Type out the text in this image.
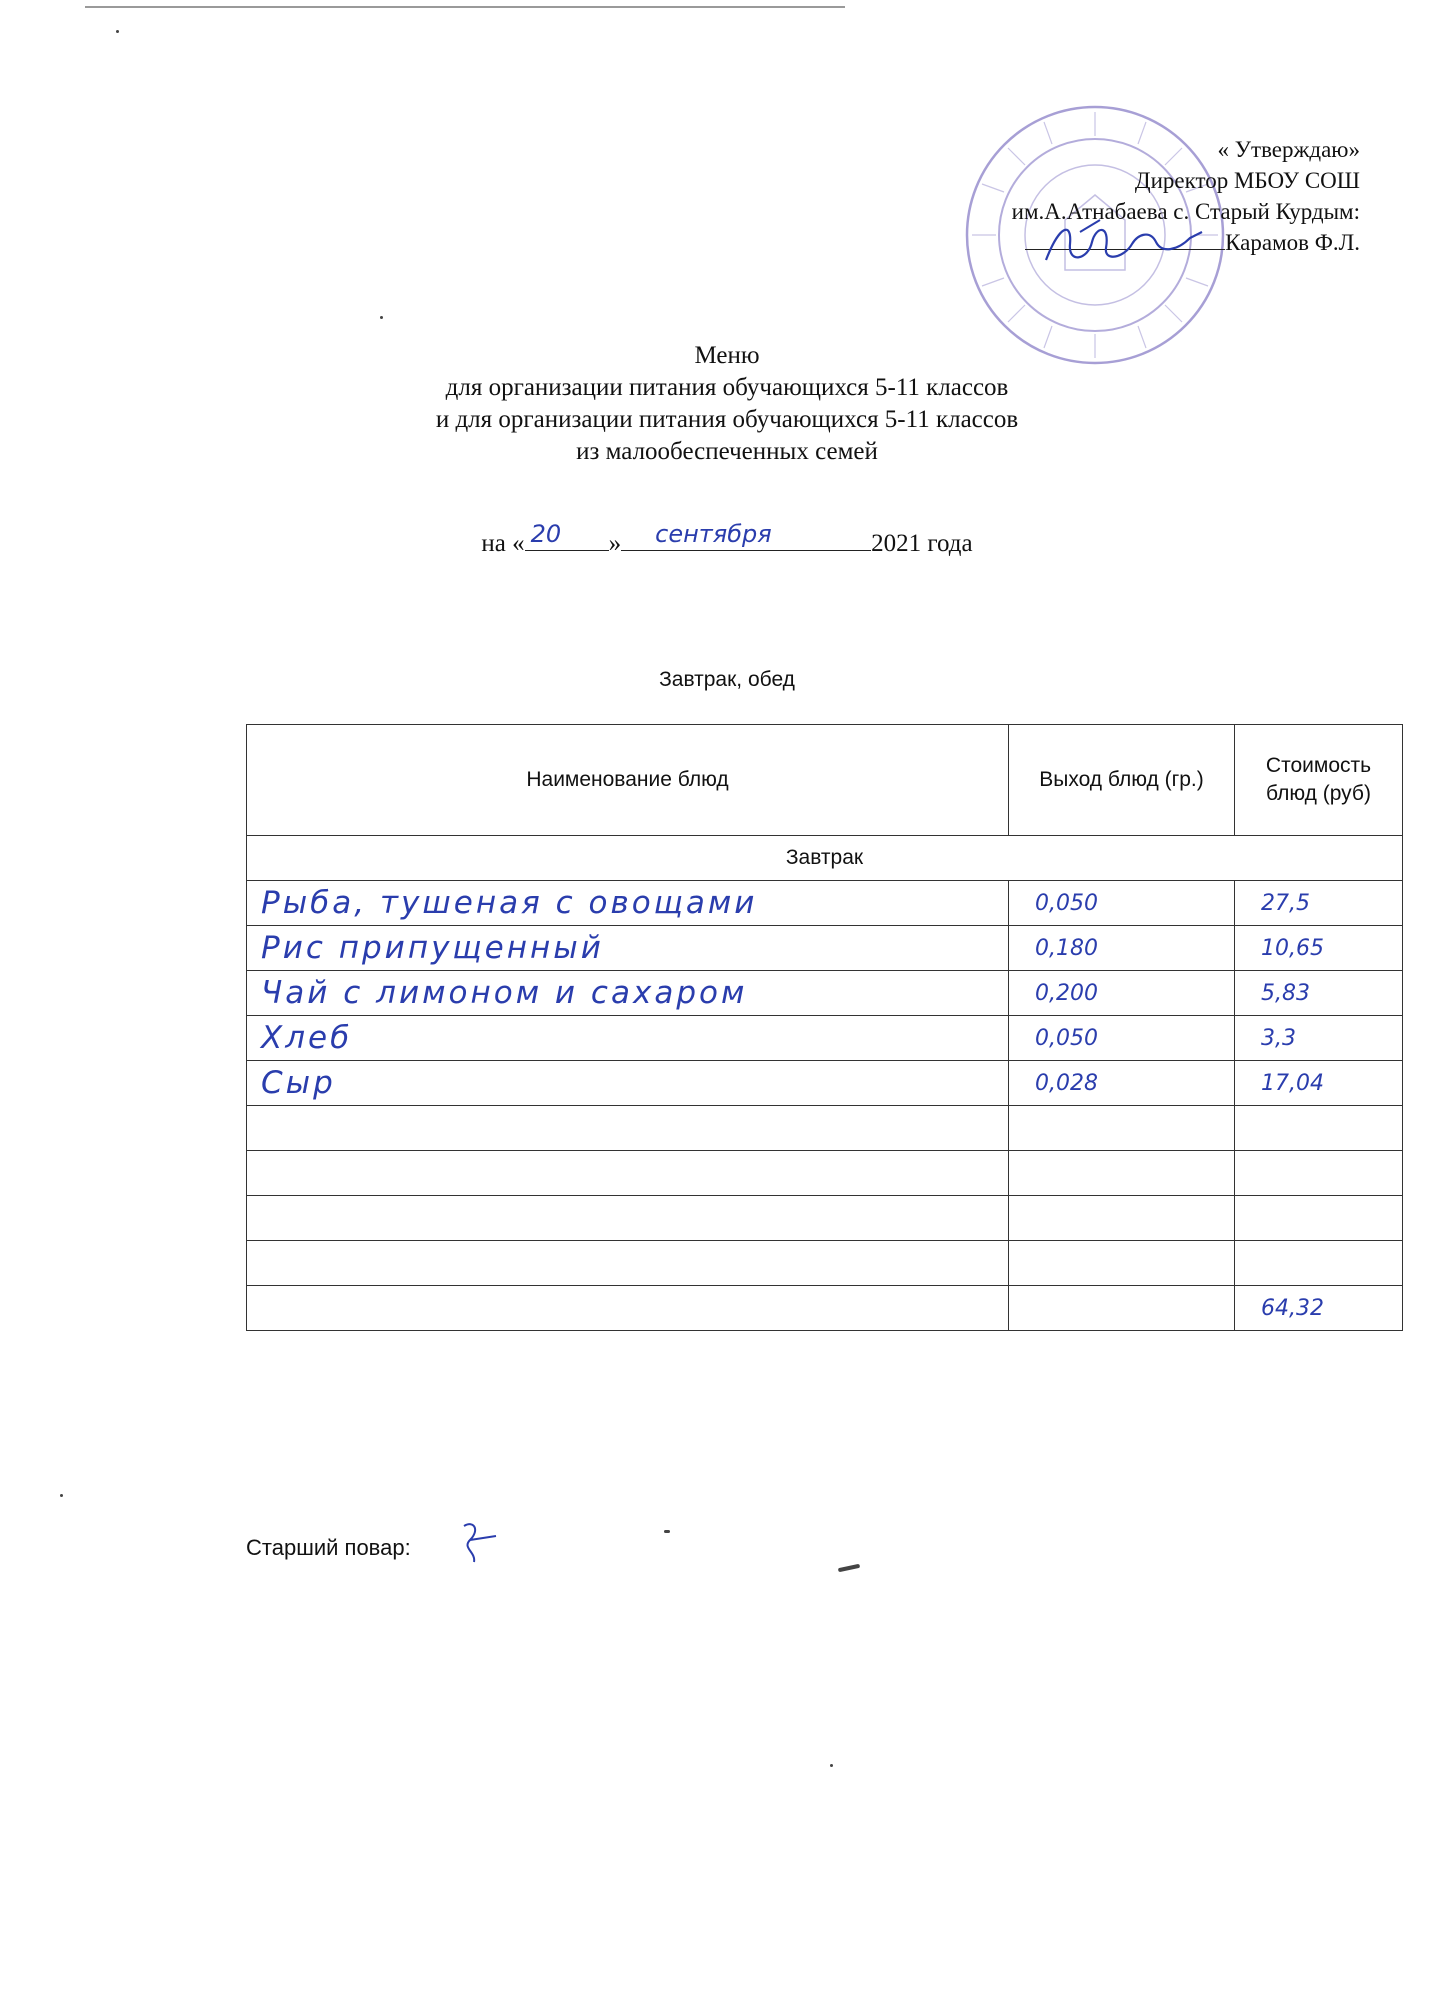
« Утверждаю»
Директор МБОУ СОШ
им.А.Атнабаева с. Старый Курдым:
Карамов Ф.Л.
Меню
для организации питания обучающихся 5-11 классов
и для организации питания обучающихся 5-11 классов
из малообеспеченных семей
на « 20 » сентября	2021 года
Завтрак, обед
Наименование блюд	Выход блюд (гр.)	Стоимость блюд (руб)
Завтрак		
Рыба, тушеная с овощами	0,050	27,5
Рис припущенный	0,180	10,65
Чай с лимоном и сахаром	0,200	5,83
Хлеб	0,050	3,3
Сыр	0,028	17,04

		64,32
Старший повар:
